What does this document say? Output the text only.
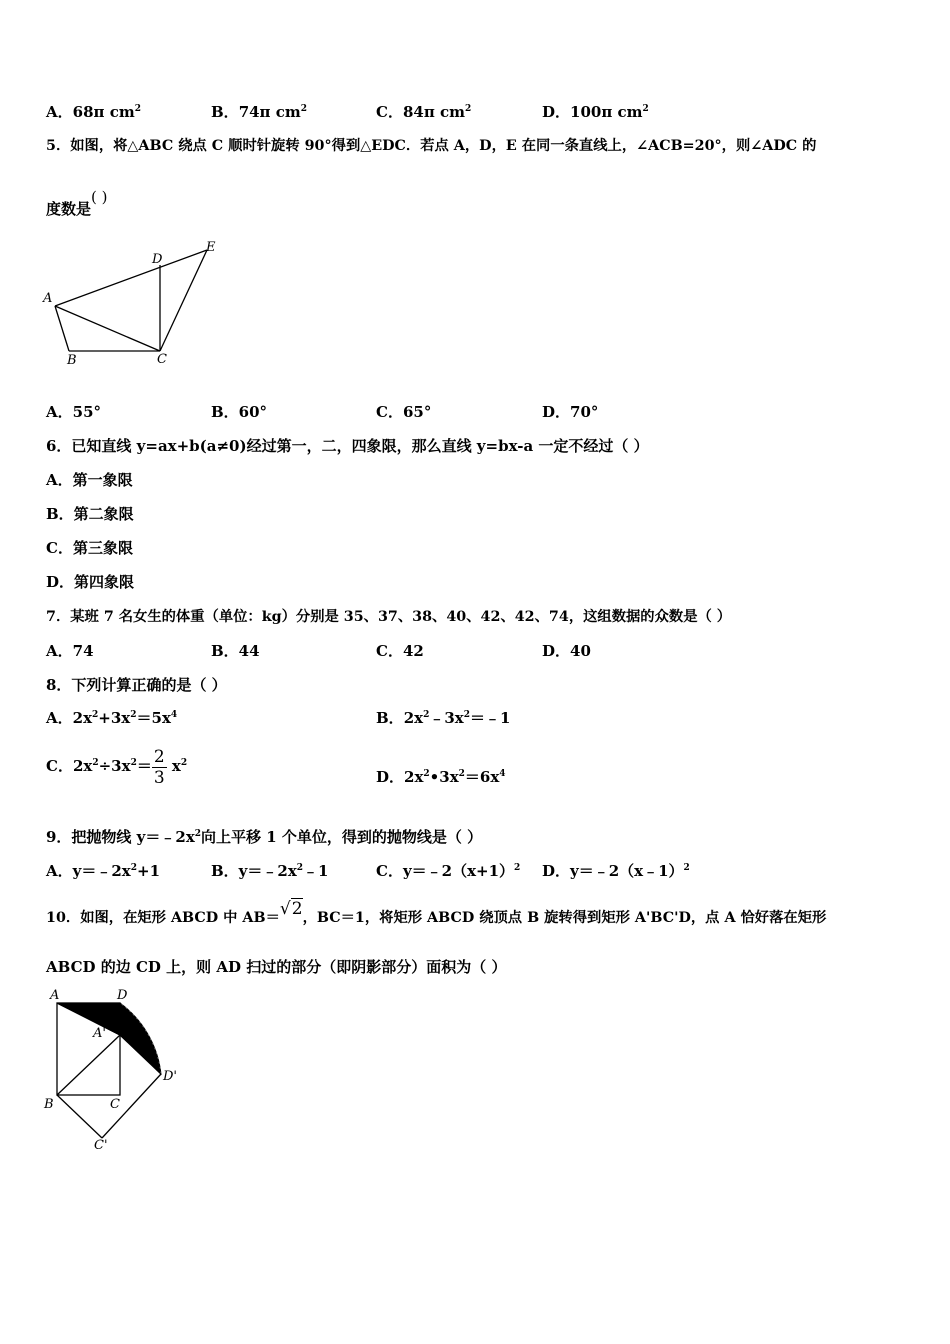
A．68π $cm^2$	B．74π $cm^2$	C．84π $cm^2$	D．100π $cm^2$
5．如图，将△ABC 绕点 C 顺时针旋转 90°得到△EDC．若点 A，D，E 在同一条直线上，∠ACB=20°，则∠ADC 的
度数是( )
A
B	C
D
E
A．55°	B．60°	C．65°	D．70°
6．已知直线 y=ax+b(a≠0)经过第一，二，四象限，那么直线 y=bx-a 一定不经过（ ）
A．第一象限
B．第二象限
C．第三象限
D．第四象限
7．某班 7 名女生的体重（单位：kg）分别是 35、37、38、40、42、42、74，这组数据的众数是（ ）
A．74	B．44	C．42	D．40
8．下列计算正确的是（ ）
A．$2x^2+3x^2=5x^4$	B．$2x^2﹣3x^2=﹣1$
C．$2x^2\div 3x^2= \frac{2}{3} x^2$
D．$2x^2•3x^2=6x^4$
9．把抛物线 $y=﹣2x^2$向上平移 1 个单位，得到的抛物线是（ ）
A．$y=﹣2x^2+1$	B．$y=﹣2x^2﹣1$	C．$y=﹣2(x+1)^2$ D．y＝﹣2（x﹣1）$^2$
10．如图，在矩形 ABCD 中 AB＝√2，BC＝1，将矩形 ABCD 绕顶点 B 旋转得到矩形 A'BC'D，点 A 恰好落在矩形
ABCD 的边 CD 上，则 AD 扫过的部分（即阴影部分）面积为（ ）
A	D
A'
D'
B	C
C'
